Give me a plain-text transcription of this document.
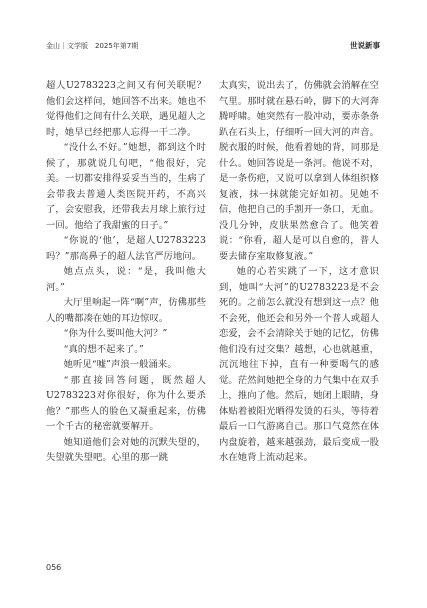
金山｜文学版　2025年第7期	世说新事

超人U2783223之间又有何关联呢？他们会这样问，她回答不出来。她也不觉得他们之间有什么关联，遇见超人之时，她早已经把那人忘得一干二净。

“没什么不好。”她想，都到这个时候了，那就说几句吧，“他很好，完美。一切都安排得妥妥当当的，生病了会带我去普通人类医院开药，不高兴了，会安慰我，还带我去月球上旅行过一回。他给了我甜蜜的日子。”

“你说的‘他’，是超人U2783223吗？”那高鼻子的超人法官严厉地问。

她点点头，说：“是，我叫他大河。”

大厅里响起一阵“啊”声，仿佛那些人的嘴都凑在她的耳边惊叹。

“你为什么要叫他大河？”

“真的想不起来了。”

她听见“嘘”声浪一般涌来。

“那直接回答问题，既然超人U2783223对你很好，你为什么要杀他？”那些人的脸色又凝重起来，仿佛一个千古的秘密就要解开。

她知道他们会对她的沉默失望的，失望就失望吧。心里的那一跳

太真实，说出去了，仿佛就会消解在空气里。那时就在悬石岭，脚下的大河奔腾呼啸。她突然有一股冲动，要赤条条趴在石头上，仔细听一回大河的声音。脱衣服的时候，他看着她的背，同那是什么。她回答说是一条河。他说不对，是一条伤疤，又说可以拿到人体组织修复液，抹一抹就能完好如初。见她不信，他把自己的手割开一条口，无血。没几分钟，皮肤果然愈合了。他笑着说：“你看，超人是可以自愈的，普人要去储存室取修复液。”

她的心若实跳了一下，这才意识到，她叫“大河”的U2783223是不会死的。之前怎么就没有想到这一点？他不会死，他还会和另外一个普人或超人恋爱，会不会清除关于她的记忆，仿佛他们没有过交集？越想，心也就越重，沉沉地往下掉，直有一种要喝气的感觉。茫然间她把全身的力气集中在双手上，推向了他。然后，她闭上眼睛，身体贴着被阳光晒得发烫的石头，等待着最后一口气游离自己。那口气竟然在体内盘旋着，越来越强劲，最后变成一股水在她背上流动起来。

056
